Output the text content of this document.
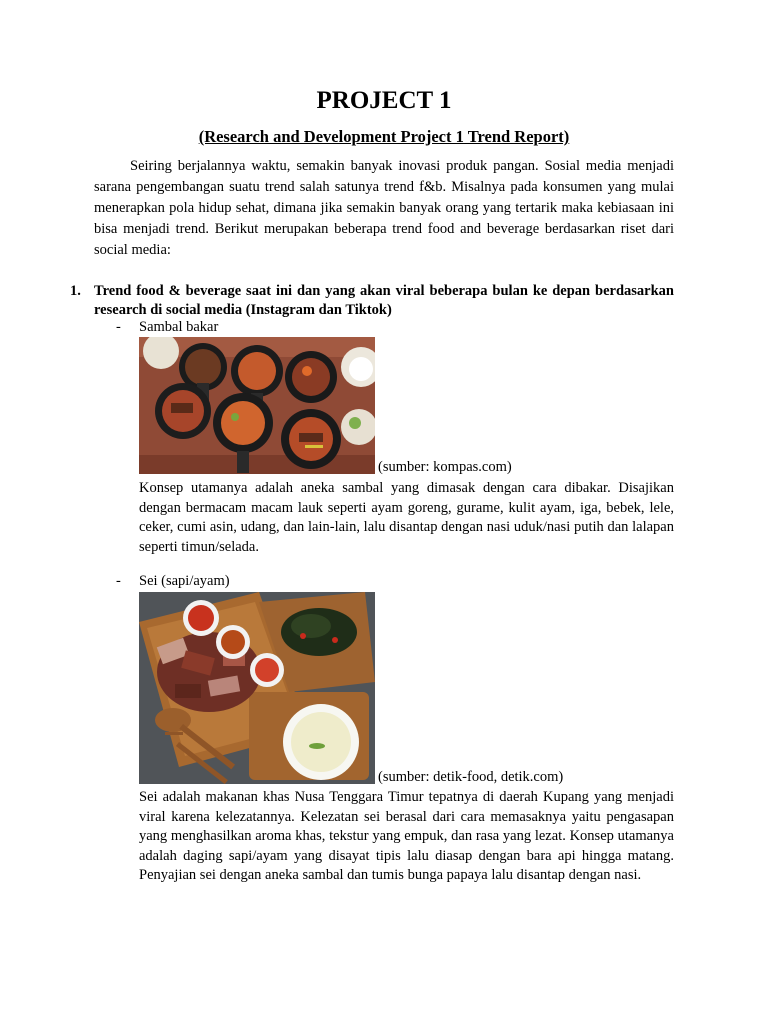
PROJECT 1
(Research and Development Project 1 Trend Report)

Seiring berjalannya waktu, semakin banyak inovasi produk pangan. Sosial media menjadi sarana pengembangan suatu trend salah satunya trend f&b. Misalnya pada konsumen yang mulai menerapkan pola hidup sehat, dimana jika semakin banyak orang yang tertarik maka kebiasaan ini bisa menjadi trend. Berikut merupakan beberapa trend food and beverage berdasarkan riset dari social media:

1. Trend food & beverage saat ini dan yang akan viral beberapa bulan ke depan berdasarkan research di social media (Instagram dan Tiktok)
- Sambal bakar
(sumber: kompas.com)

Konsep utamanya adalah aneka sambal yang dimasak dengan cara dibakar. Disajikan dengan bermacam macam lauk seperti ayam goreng, gurame, kulit ayam, iga, bebek, lele, ceker, cumi asin, udang, dan lain-lain, lalu disantap dengan nasi uduk/nasi putih dan lalapan seperti timun/selada.

- Sei (sapi/ayam)
(sumber: detik-food, detik.com)

Sei adalah makanan khas Nusa Tenggara Timur tepatnya di daerah Kupang yang menjadi viral karena kelezatannya. Kelezatan sei berasal dari cara memasaknya yaitu pengasapan yang menghasilkan aroma khas, tekstur yang empuk, dan rasa yang lezat. Konsep utamanya adalah daging sapi/ayam yang disayat tipis lalu diasap dengan bara api hingga matang. Penyajian sei dengan aneka sambal dan tumis bunga papaya lalu disantap dengan nasi.
